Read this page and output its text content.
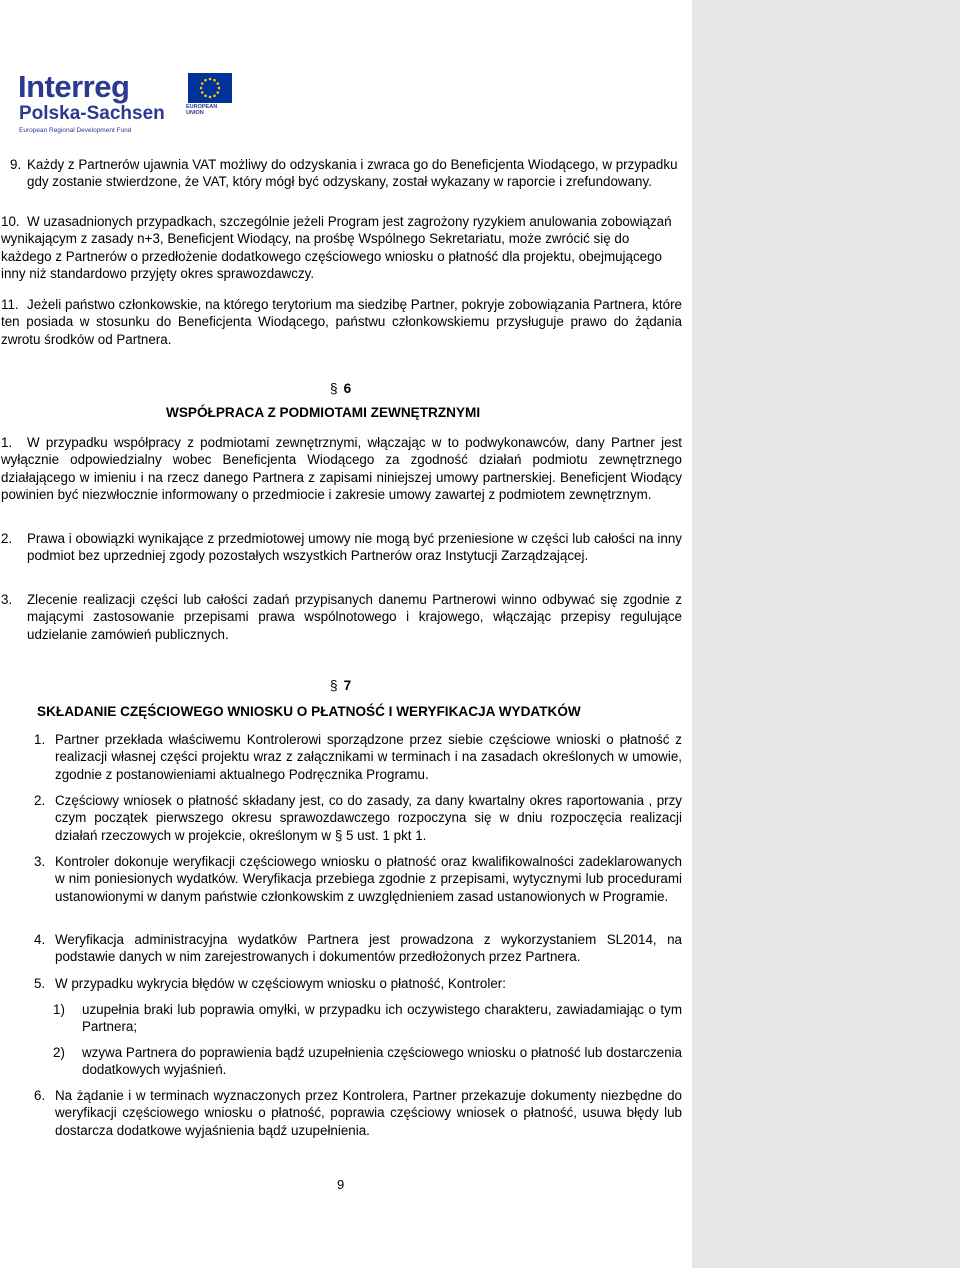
Interreg
Polska-Sachsen
European Regional Development Fund
EUROPEAN UNION
9. Każdy z Partnerów ujawnia VAT możliwy do odzyskania i zwraca go do Beneficjenta Wiodącego, w przypadku gdy zostanie stwierdzone, że VAT, który mógł być odzyskany, został wykazany w raporcie i zrefundowany.

10. W uzasadnionych przypadkach, szczególnie jeżeli Program jest zagrożony ryzykiem anulowania zobowiązań wynikającym z zasady n+3, Beneficjent Wiodący, na prośbę Wspólnego Sekretariatu, może zwrócić się do każdego z Partnerów o przedłożenie dodatkowego częściowego wniosku o płatność dla projektu, obejmującego inny niż standardowo przyjęty okres sprawozdawczy.

11. Jeżeli państwo członkowskie, na którego terytorium ma siedzibę Partner, pokryje zobowiązania Partnera, które ten posiada w stosunku do Beneficjenta Wiodącego, państwu członkowskiemu przysługuje prawo do żądania zwrotu środków od Partnera.

§ 6
WSPÓŁPRACA Z PODMIOTAMI ZEWNĘTRZNYMI
1.	W przypadku współpracy z podmiotami zewnętrznymi, włączając w to podwykonawców, dany Partner jest wyłącznie odpowiedzialny wobec Beneficjenta Wiodącego za zgodność działań podmiotu zewnętrznego działającego w imieniu i na rzecz danego Partnera z zapisami niniejszej umowy partnerskiej. Beneficjent Wiodący powinien być niezwłocznie informowany o przedmiocie i zakresie umowy zawartej z podmiotem zewnętrznym.

2. Prawa i obowiązki wynikające z przedmiotowej umowy nie mogą być przeniesione w części lub całości na inny podmiot bez uprzedniej zgody pozostałych wszystkich Partnerów oraz Instytucji Zarządzającej.

3. Zlecenie realizacji części lub całości zadań przypisanych danemu Partnerowi winno odbywać się zgodnie z mającymi zastosowanie przepisami prawa wspólnotowego i krajowego, włączając przepisy regulujące udzielanie zamówień publicznych.

§ 7
SKŁADANIE CZĘŚCIOWEGO WNIOSKU O PŁATNOŚĆ I WERYFIKACJA WYDATKÓW
1. Partner przekłada właściwemu Kontrolerowi sporządzone przez siebie częściowe wnioski o płatność z realizacji własnej części projektu wraz z załącznikami w terminach i na zasadach określonych w umowie, zgodnie z postanowieniami aktualnego Podręcznika Programu.

2. Częściowy wniosek o płatność składany jest, co do zasady, za dany kwartalny okres raportowania , przy czym początek pierwszego okresu sprawozdawczego rozpoczyna się w dniu rozpoczęcia realizacji działań rzeczowych w projekcie, określonym w § 5 ust. 1 pkt 1.

3. Kontroler dokonuje weryfikacji częściowego wniosku o płatność oraz kwalifikowalności zadeklarowanych w nim poniesionych wydatków. Weryfikacja przebiega zgodnie z przepisami, wytycznymi lub procedurami ustanowionymi w danym państwie członkowskim z uwzględnieniem zasad ustanowionych w Programie.

4. Weryfikacja administracyjna wydatków Partnera jest prowadzona z wykorzystaniem SL2014, na podstawie danych w nim zarejestrowanych i dokumentów przedłożonych przez Partnera.

5. W przypadku wykrycia błędów w częściowym wniosku o płatność, Kontroler:

1) uzupełnia braki lub poprawia omyłki, w przypadku ich oczywistego charakteru, zawiadamiając o tym Partnera;

2) wzywa Partnera do poprawienia bądź uzupełnienia częściowego wniosku o płatność lub dostarczenia dodatkowych wyjaśnień.

6. Na żądanie i w terminach wyznaczonych przez Kontrolera, Partner przekazuje dokumenty niezbędne do weryfikacji częściowego wniosku o płatność, poprawia częściowy wniosek o płatność, usuwa błędy lub dostarcza dodatkowe wyjaśnienia bądź uzupełnienia.

9
